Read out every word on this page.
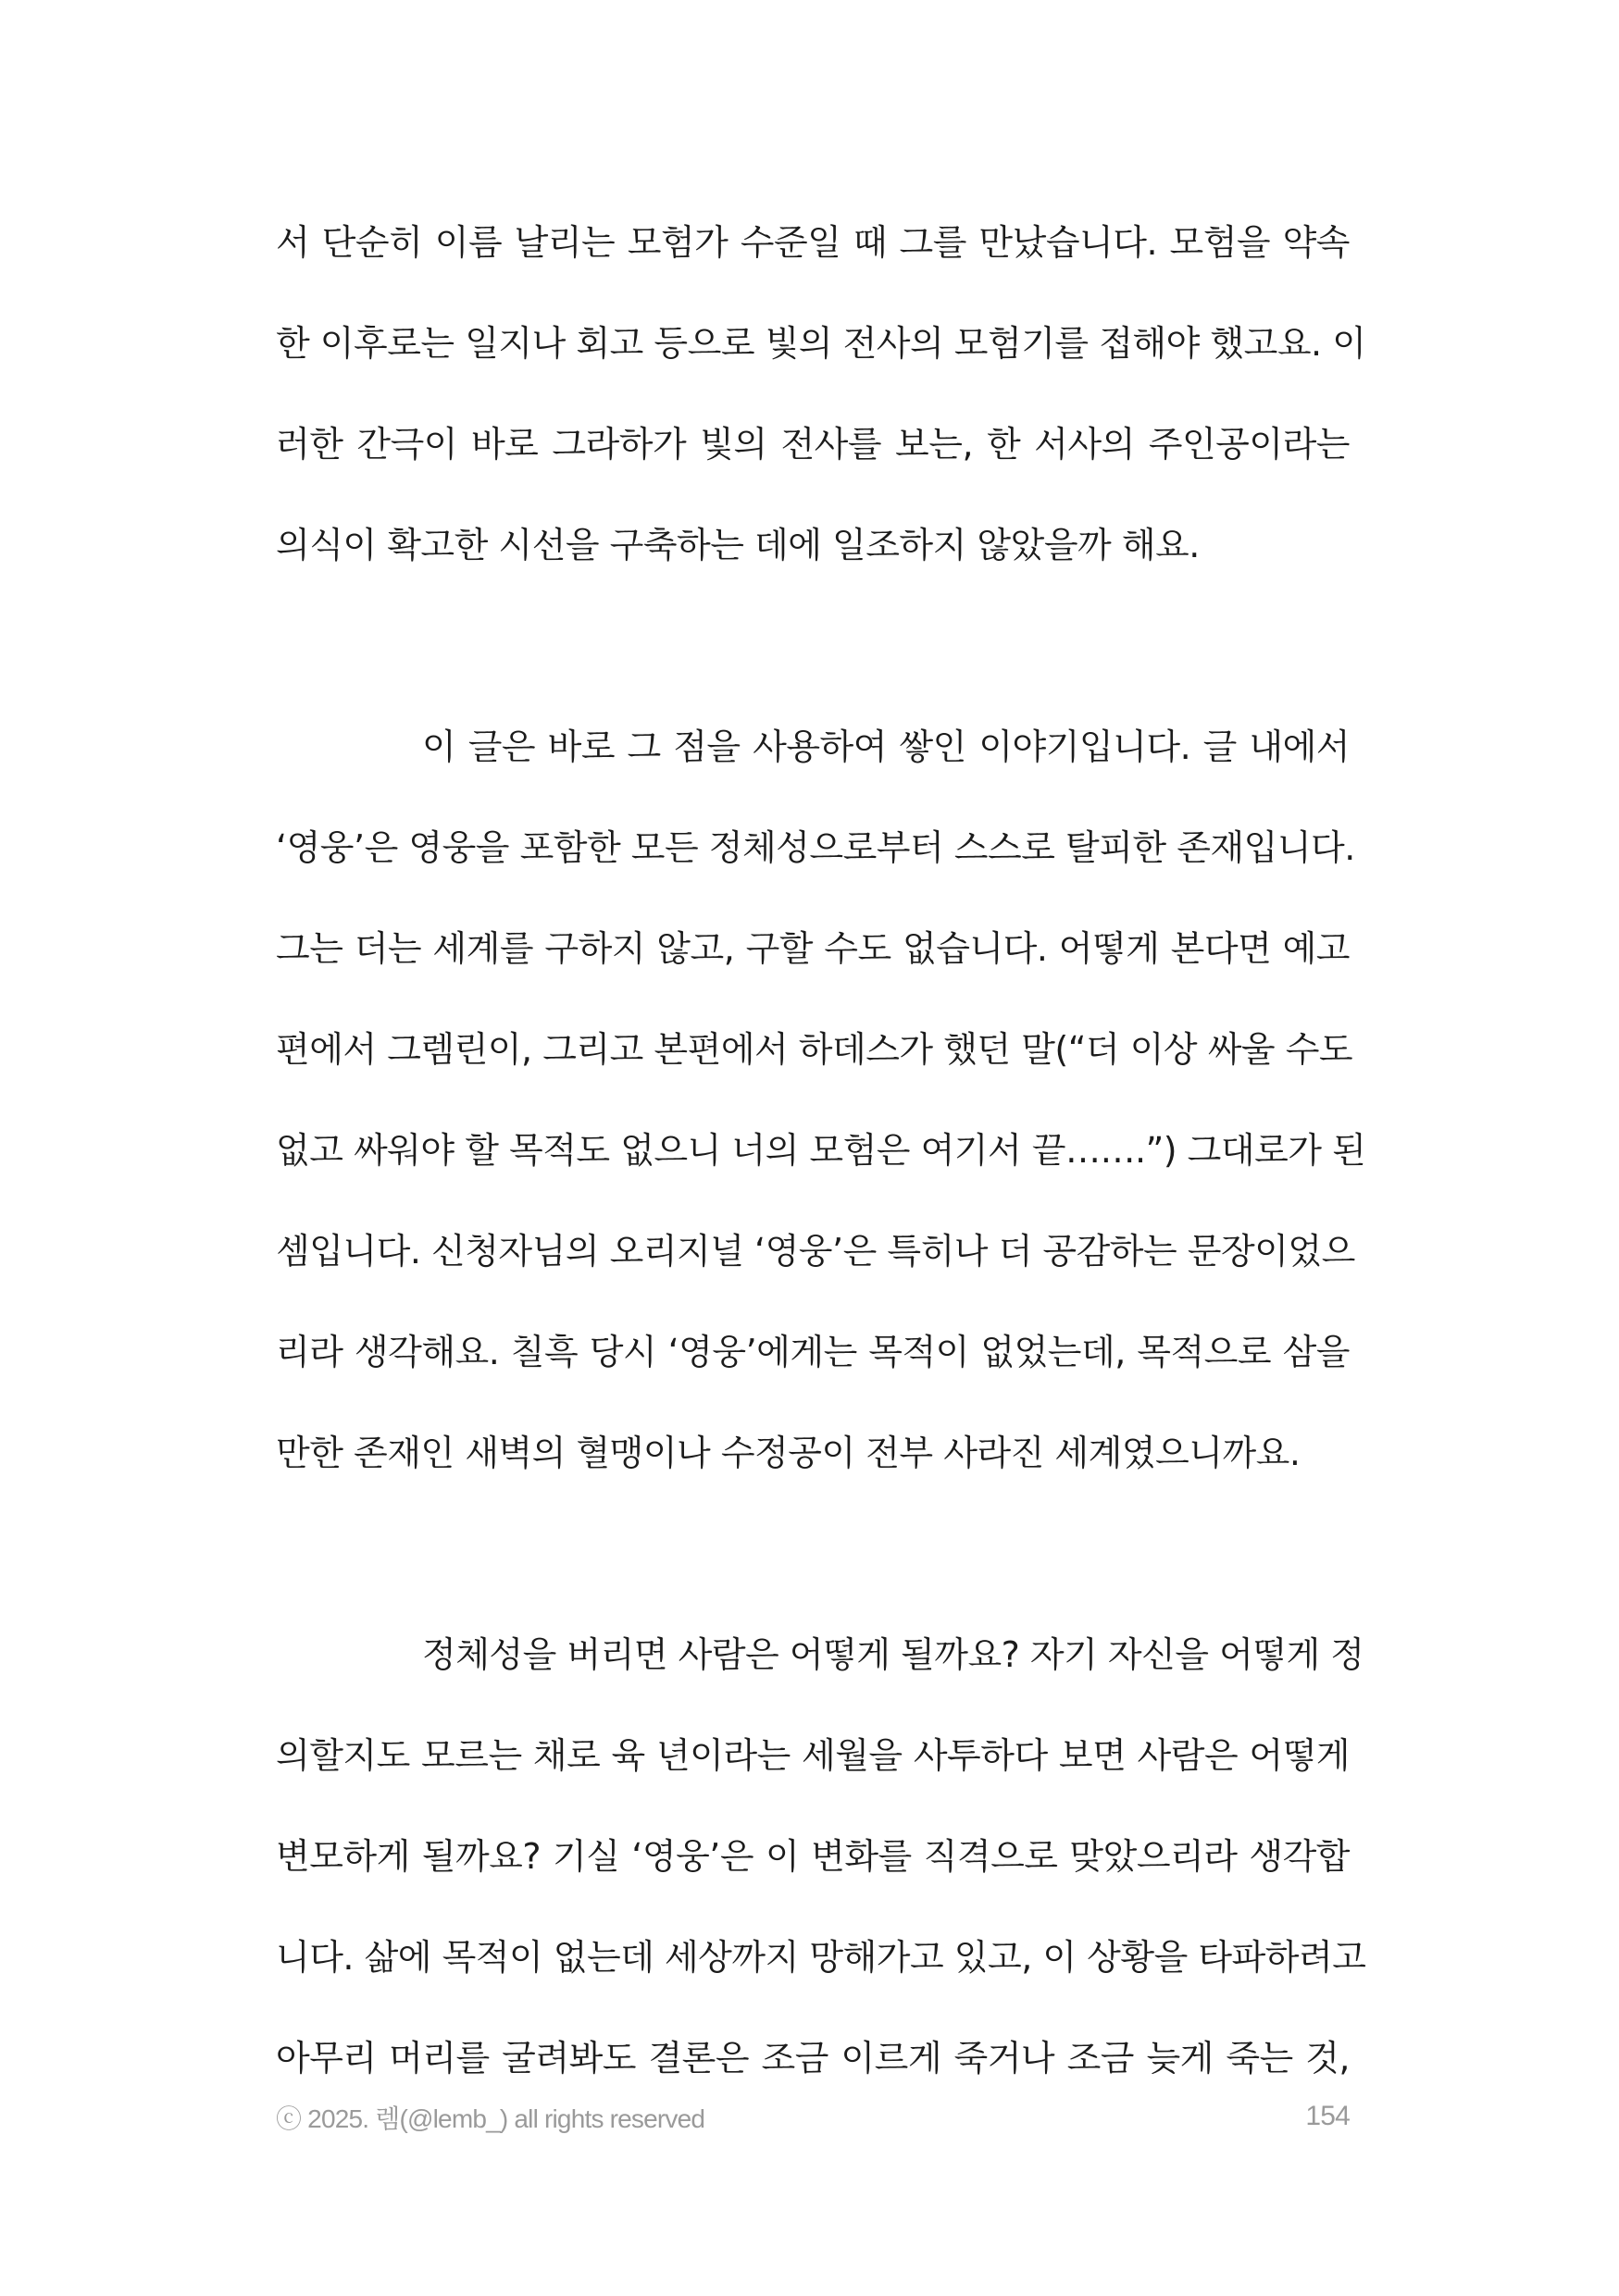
서 단순히 이름 날리는 모험가 수준일 때 그를 만났습니다. 모험을 약속
한 이후로는 일지나 회고 등으로 빛의 전사의 모험기를 접해야 했고요. 이
러한 간극이 바로 그라하가 빛의 전사를 보는, 한 서사의 주인공이라는
의식이 확고한 시선을 구축하는 데에 일조하지 않았을까 해요.
이 글은 바로 그 점을 사용하여 쌓인 이야기입니다. 글 내에서
‘영웅’은 영웅을 포함한 모든 정체성으로부터 스스로 탈피한 존재입니다.
그는 더는 세계를 구하지 않고, 구할 수도 없습니다. 어떻게 본다면 예고
편에서 그렘린이, 그리고 본편에서 하데스가 했던 말(“더 이상 싸울 수도
없고 싸워야 할 목적도 없으니 너의 모험은 여기서 끝…….”) 그대로가 된
셈입니다. 신청자님의 오리지널 ‘영웅’은 특히나 더 공감하는 문장이었으
리라 생각해요. 칠흑 당시 ‘영웅’에게는 목적이 없었는데, 목적으로 삼을
만한 존재인 새벽의 혈맹이나 수정공이 전부 사라진 세계였으니까요.
정체성을 버리면 사람은 어떻게 될까요? 자기 자신을 어떻게 정
의할지도 모르는 채로 육 년이라는 세월을 사투하다 보면 사람은 어떻게
변모하게 될까요? 기실 ‘영웅’은 이 변화를 직격으로 맞았으리라 생각합
니다. 삶에 목적이 없는데 세상까지 망해가고 있고, 이 상황을 타파하려고
아무리 머리를 굴려봐도 결론은 조금 이르게 죽거나 조금 늦게 죽는 것,
ⓒ 2025. 렘(@lemb_) all rights reserved	154
